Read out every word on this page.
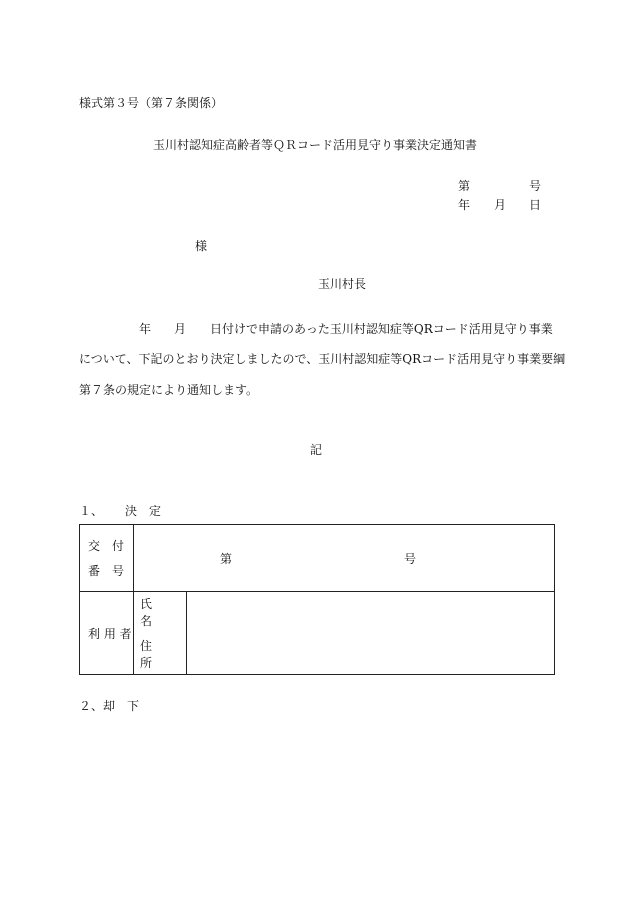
様式第３号（第７条関係）
玉川村認知症高齢者等ＱＲコード活用見守り事業決定通知書
第	号
年 月 日
様
玉川村長
年 月 日付けで申請のあった玉川村認知症等QRコード活用見守り事業
について、下記のとおり決定しましたので、玉川村認知症等QRコード活用見守り事業要綱
第７条の規定により通知します。
記
１、 決　定
交　付
番　号	第 号	

利 用 者	氏　　名
住　　所	

２、却　下
